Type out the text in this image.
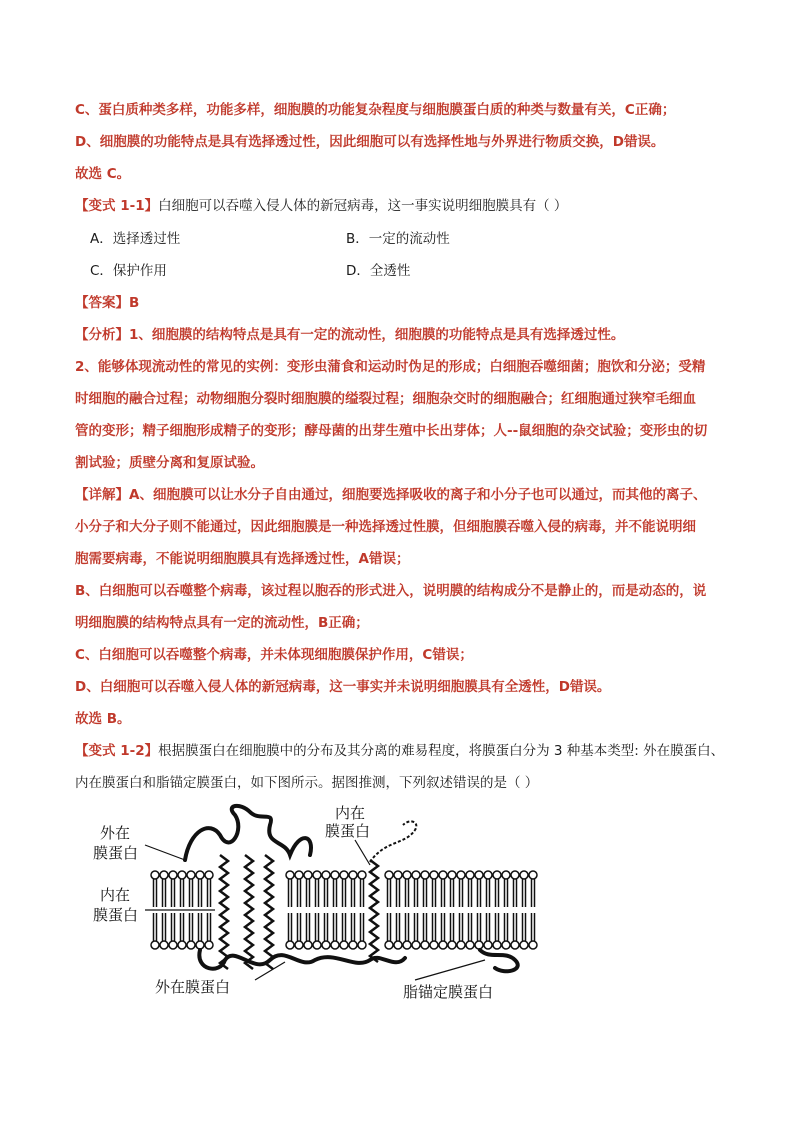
C、蛋白质种类多样，功能多样，细胞膜的功能复杂程度与细胞膜蛋白质的种类与数量有关，C正确；
D、细胞膜的功能特点是具有选择透过性，因此细胞可以有选择性地与外界进行物质交换，D错误。
故选 C。
【变式 1-1】白细胞可以吞噬入侵人体的新冠病毒，这一事实说明细胞膜具有（ ）
A．选择透过性	B．一定的流动性
C．保护作用	D．全透性
【答案】B
【分析】1、细胞膜的结构特点是具有一定的流动性，细胞膜的功能特点是具有选择透过性。
2、能够体现流动性的常见的实例：变形虫蒲食和运动时伪足的形成；白细胞吞噬细菌；胞饮和分泌；受精
时细胞的融合过程；动物细胞分裂时细胞膜的缢裂过程；细胞杂交时的细胞融合；红细胞通过狭窄毛细血
管的变形；精子细胞形成精子的变形；酵母菌的出芽生殖中长出芽体；人--鼠细胞的杂交试验；变形虫的切
割试验；质壁分离和复原试验。
【详解】A、细胞膜可以让水分子自由通过，细胞要选择吸收的离子和小分子也可以通过，而其他的离子、
小分子和大分子则不能通过，因此细胞膜是一种选择透过性膜，但细胞膜吞噬入侵的病毒，并不能说明细
胞需要病毒，不能说明细胞膜具有选择透过性，A错误；
B、白细胞可以吞噬整个病毒，该过程以胞吞的形式进入，说明膜的结构成分不是静止的，而是动态的，说
明细胞膜的结构特点具有一定的流动性，B正确；
C、白细胞可以吞噬整个病毒，并未体现细胞膜保护作用，C错误；
D、白细胞可以吞噬入侵人体的新冠病毒，这一事实并未说明细胞膜具有全透性，D错误。
故选 B。
【变式 1-2】根据膜蛋白在细胞膜中的分布及其分离的难易程度，将膜蛋白分为 3 种基本类型: 外在膜蛋白、
内在膜蛋白和脂锚定膜蛋白，如下图所示。据图推测，下列叙述错误的是（ ）
外在
膜蛋白
内在
膜蛋白
内在
膜蛋白
外在膜蛋白	脂锚定膜蛋白
